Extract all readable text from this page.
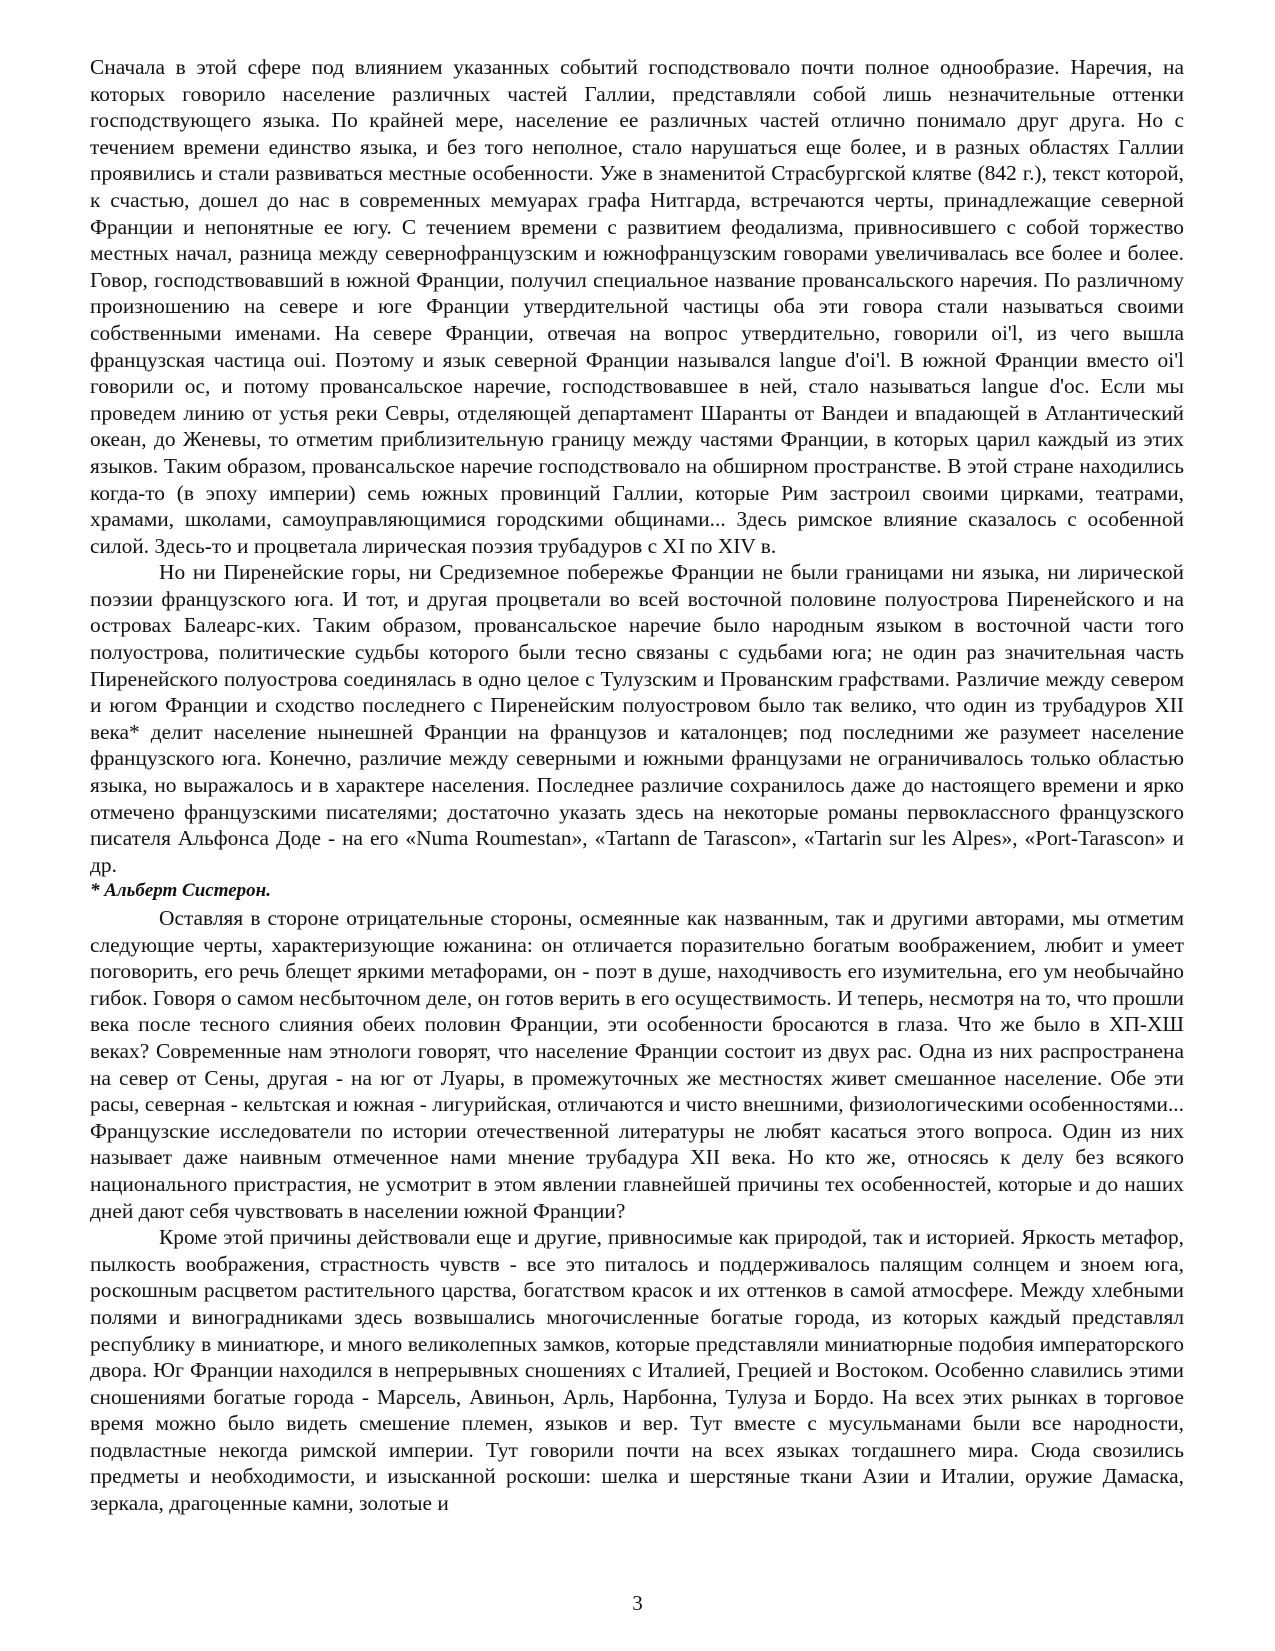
Сначала в этой сфере под влиянием указанных событий господствовало почти полное однообразие. Наречия, на которых говорило население различных частей Галлии, представляли собой лишь незначительные оттенки господствующего языка. По крайней мере, население ее различных частей отлично понимало друг друга. Но с течением времени единство языка, и без того неполное, стало нарушаться еще более, и в разных областях Галлии проявились и стали развиваться местные особенности. Уже в знаменитой Страсбургской клятве (842 г.), текст которой, к счастью, дошел до нас в современных мемуарах графа Нитгарда, встречаются черты, принадлежащие северной Франции и непонятные ее югу. С течением времени с развитием феодализма, привносившего с собой торжество местных начал, разница между севернофранцузским и южнофранцузским говорами увеличивалась все более и более. Говор, господствовавший в южной Франции, получил специальное название провансальского наречия. По различному произношению на севере и юге Франции утвердительной частицы оба эти говора стали называться своими собственными именами. На севере Франции, отвечая на вопрос утвердительно, говорили oi'l, из чего вышла французская частица oui. Поэтому и язык северной Франции назывался langue d'oi'l. В южной Франции вместо oi'l говорили oc, и потому провансальское наречие, господствовавшее в ней, стало называться langue d'oc. Если мы проведем линию от устья реки Севры, отделяющей департамент Шаранты от Вандеи и впадающей в Атлантический океан, до Женевы, то отметим приблизительную границу между частями Франции, в которых царил каждый из этих языков. Таким образом, провансальское наречие господствовало на обширном пространстве. В этой стране находились когда-то (в эпоху империи) семь южных провинций Галлии, которые Рим застроил своими цирками, театрами, храмами, школами, самоуправляющимися городскими общинами... Здесь римское влияние сказалось с особенной силой. Здесь-то и процветала лирическая поэзия трубадуров с XI по XIV в.

Но ни Пиренейские горы, ни Средиземное побережье Франции не были границами ни языка, ни лирической поэзии французского юга. И тот, и другая процветали во всей восточной половине полуострова Пиренейского и на островах Балеарс-ких. Таким образом, провансальское наречие было народным языком в восточной части того полуострова, политические судьбы которого были тесно связаны с судьбами юга; не один раз значительная часть Пиренейского полуострова соединялась в одно целое с Тулузским и Прованским графствами. Различие между севером и югом Франции и сходство последнего с Пиренейским полуостровом было так велико, что один из трубадуров XII века* делит население нынешней Франции на французов и каталонцев; под последними же разумеет население французского юга. Конечно, различие между северными и южными французами не ограничивалось только областью языка, но выражалось и в характере населения. Последнее различие сохранилось даже до настоящего времени и ярко отмечено французскими писателями; достаточно указать здесь на некоторые романы первоклассного французского писателя Альфонса Доде - на его «Numa Roumestan», «Tartann de Tarascon», «Tartarin sur les Alpes», «Port-Tarascon» и др.

* Альберт Систерон.

Оставляя в стороне отрицательные стороны, осмеянные как названным, так и другими авторами, мы отметим следующие черты, характеризующие южанина: он отличается поразительно богатым воображением, любит и умеет поговорить, его речь блещет яркими метафорами, он - поэт в душе, находчивость его изумительна, его ум необычайно гибок. Говоря о самом несбыточном деле, он готов верить в его осуществимость. И теперь, несмотря на то, что прошли века после тесного слияния обеих половин Франции, эти особенности бросаются в глаза. Что же было в ХП-ХШ веках? Современные нам этнологи говорят, что население Франции состоит из двух рас. Одна из них распространена на север от Сены, другая - на юг от Луары, в промежуточных же местностях живет смешанное население. Обе эти расы, северная - кельтская и южная - лигурийская, отличаются и чисто внешними, физиологическими особенностями... Французские исследователи по истории отечественной литературы не любят касаться этого вопроса. Один из них называет даже наивным отмеченное нами мнение трубадура XII века. Но кто же, относясь к делу без всякого национального пристрастия, не усмотрит в этом явлении главнейшей причины тех особенностей, которые и до наших дней дают себя чувствовать в населении южной Франции?

Кроме этой причины действовали еще и другие, привносимые как природой, так и историей. Яркость метафор, пылкость воображения, страстность чувств - все это питалось и поддерживалось палящим солнцем и зноем юга, роскошным расцветом растительного царства, богатством красок и их оттенков в самой атмосфере. Между хлебными полями и виноградниками здесь возвышались многочисленные богатые города, из которых каждый представлял республику в миниатюре, и много великолепных замков, которые представляли миниатюрные подобия императорского двора. Юг Франции находился в непрерывных сношениях с Италией, Грецией и Востоком. Особенно славились этими сношениями богатые города - Марсель, Авиньон, Арль, Нарбонна, Тулуза и Бордо. На всех этих рынках в торговое время можно было видеть смешение племен, языков и вер. Тут вместе с мусульманами были все народности, подвластные некогда римской империи. Тут говорили почти на всех языках тогдашнего мира. Сюда свозились предметы и необходимости, и изысканной роскоши: шелка и шерстяные ткани Азии и Италии, оружие Дамаска, зеркала, драгоценные камни, золотые и

3
